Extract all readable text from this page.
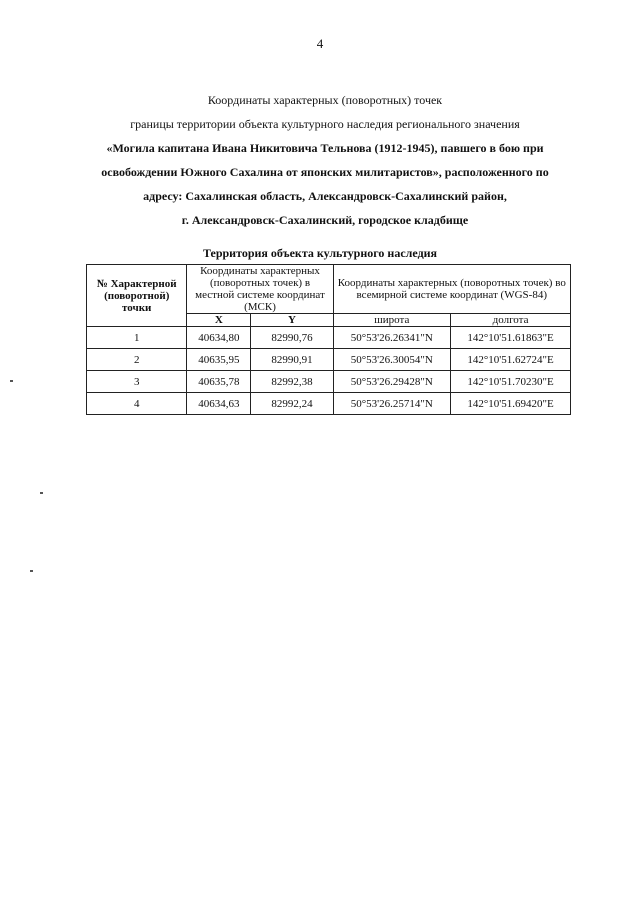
4
Координаты характерных (поворотных) точек
границы территории объекта культурного наследия регионального значения
«Могила капитана Ивана Никитовича Тельнова (1912-1945), павшего в бою при
освобождении Южного Сахалина от японских милитаристов», расположенного по
адресу: Сахалинская область, Александровск-Сахалинский район,
г. Александровск-Сахалинский, городское кладбище
Территория объекта культурного наследия
№ Характерной (поворотной) точки	Координаты характерных (поворотных точек) в местной системе координат (МСК)		Координаты характерных (поворотных точек) во всемирной системе координат (WGS-84)	
	X	Y	широта	долгота
1	40634,80	82990,76	50°53'26.26341"N	142°10'51.61863"E
2	40635,95	82990,91	50°53'26.30054"N	142°10'51.62724"E
3	40635,78	82992,38	50°53'26.29428"N	142°10'51.70230"E
4	40634,63	82992,24	50°53'26.25714"N	142°10'51.69420"E
